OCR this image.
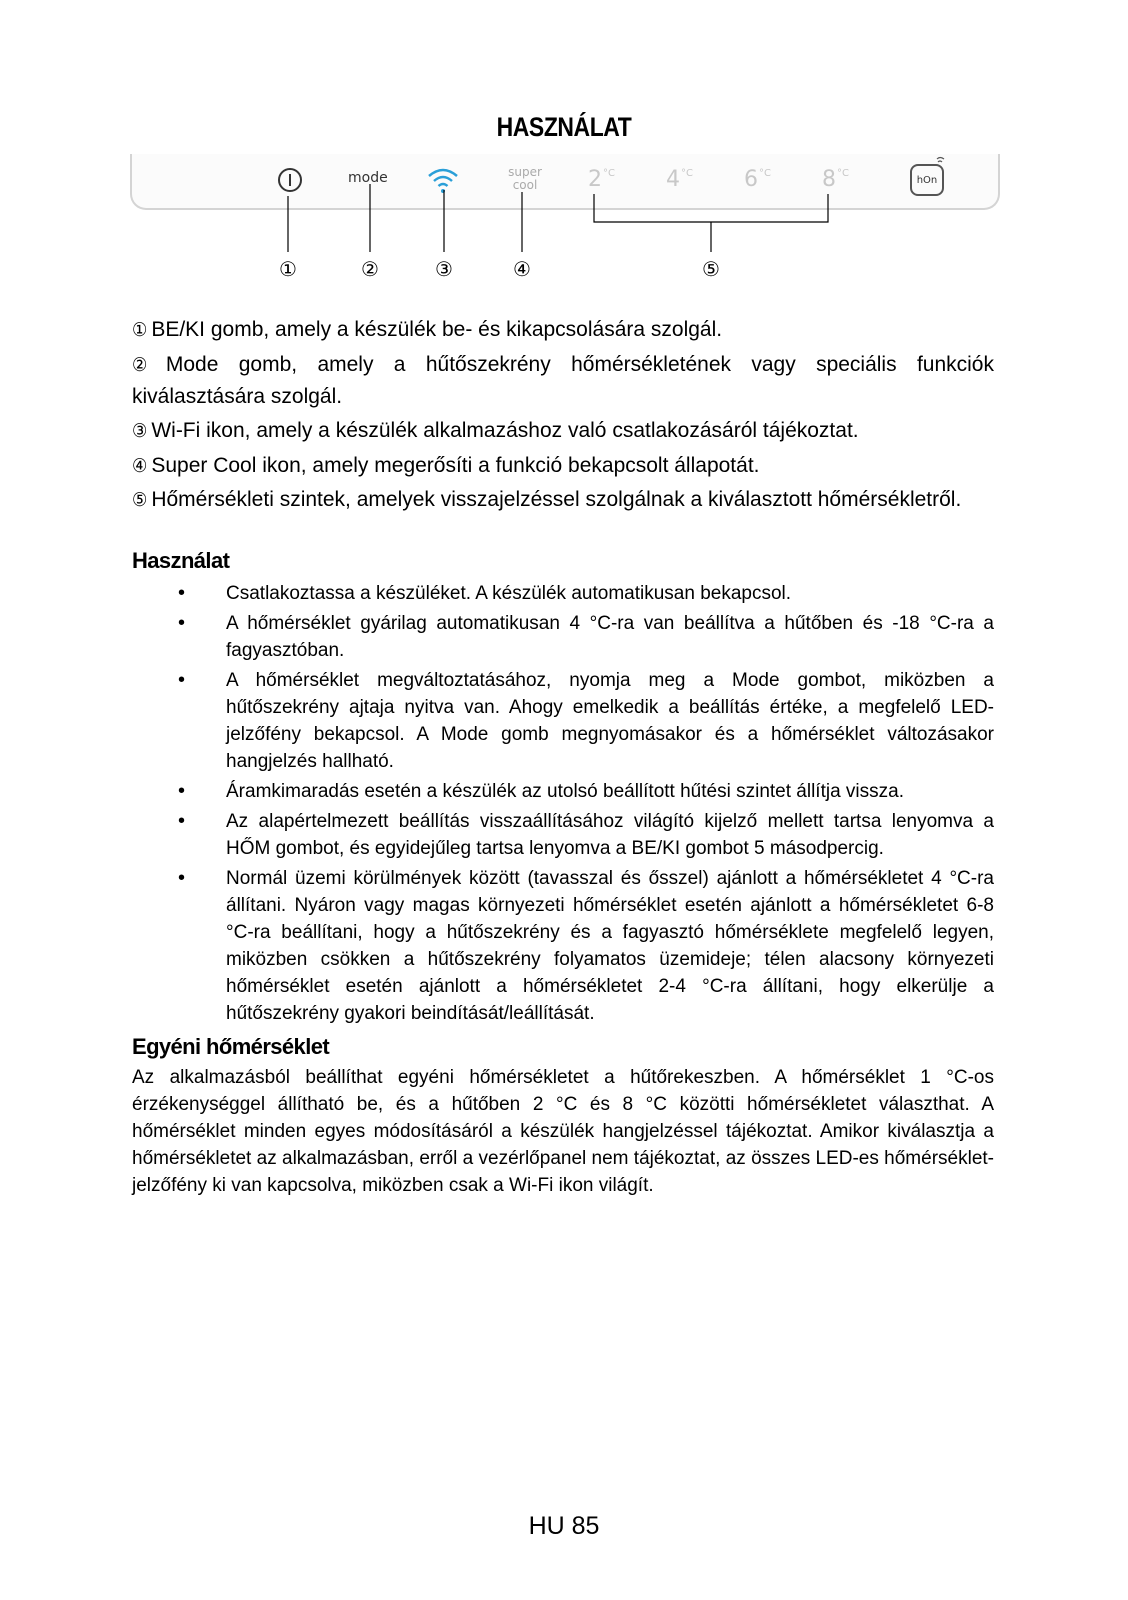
HASZNÁLAT
mode	super
cool	$2^{^\circ C}$ $4^{^\circ C}$ $6^{^\circ C}$ $8^{^\circ C}$
hOn
①	②	③	④	⑤
① BE/KI gomb, amely a készülék be- és kikapcsolására szolgál.
② Mode gomb, amely a hűtőszekrény hőmérsékletének vagy speciális funkciók kiválasztására szolgál.
③ Wi-Fi ikon, amely a készülék alkalmazáshoz való csatlakozásáról tájékoztat.
④ Super Cool ikon, amely megerősíti a funkció bekapcsolt állapotát.
⑤ Hőmérsékleti szintek, amelyek visszajelzéssel szolgálnak a kiválasztott hőmérsékletről.
Használat
• Csatlakoztassa a készüléket. A készülék automatikusan bekapcsol.
• A hőmérséklet gyárilag automatikusan 4 °C-ra van beállítva a hűtőben és -18 °C-ra a fagyasztóban.
• A hőmérséklet megváltoztatásához, nyomja meg a Mode gombot, miközben a hűtőszekrény ajtaja nyitva van. Ahogy emelkedik a beállítás értéke, a megfelelő LED-jelzőfény bekapcsol. A Mode gomb megnyomásakor és a hőmérséklet változásakor hangjelzés hallható.
• Áramkimaradás esetén a készülék az utolsó beállított hűtési szintet állítja vissza.
• Az alapértelmezett beállítás visszaállításához világító kijelző mellett tartsa lenyomva a HŐM gombot, és egyidejűleg tartsa lenyomva a BE/KI gombot 5 másodpercig.
• Normál üzemi körülmények között (tavasszal és ősszel) ajánlott a hőmérsékletet 4 °C-ra állítani. Nyáron vagy magas környezeti hőmérséklet esetén ajánlott a hőmérsékletet 6-8 °C-ra beállítani, hogy a hűtőszekrény és a fagyasztó hőmérséklete megfelelő legyen, miközben csökken a hűtőszekrény folyamatos üzemideje; télen alacsony környezeti hőmérséklet esetén ajánlott a hőmérsékletet 2-4 °C-ra állítani, hogy elkerülje a hűtőszekrény gyakori beindítását/leállítását.
Egyéni hőmérséklet
Az alkalmazásból beállíthat egyéni hőmérsékletet a hűtőrekeszben. A hőmérséklet 1 °C-os érzékenységgel állítható be, és a hűtőben 2 °C és 8 °C közötti hőmérsékletet választhat. A hőmérséklet minden egyes módosításáról a készülék hangjelzéssel tájékoztat. Amikor kiválasztja a hőmérsékletet az alkalmazásban, erről a vezérlőpanel nem tájékoztat, az összes LED-es hőmérséklet-jelzőfény ki van kapcsolva, miközben csak a Wi-Fi ikon világít.
HU 85
